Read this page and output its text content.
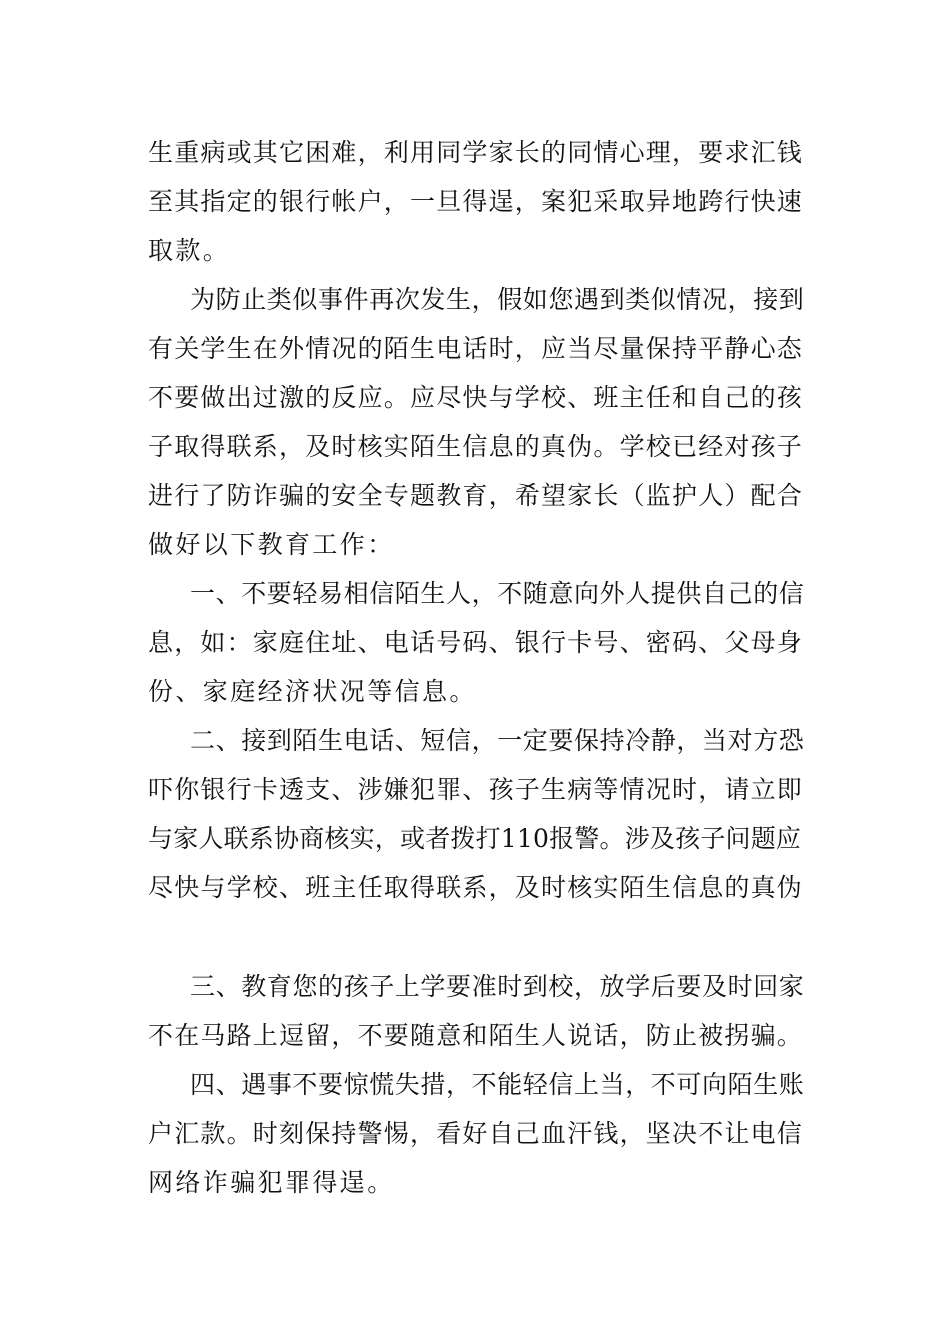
生重病或其它困难，利用同学家长的同情心理，要求汇钱
至其指定的银行帐户，一旦得逞，案犯采取异地跨行快速
取款。
为防止类似事件再次发生，假如您遇到类似情况，接到
有关学生在外情况的陌生电话时，应当尽量保持平静心态
不要做出过激的反应。应尽快与学校、班主任和自己的孩
子取得联系，及时核实陌生信息的真伪。学校已经对孩子
进行了防诈骗的安全专题教育，希望家长（监护人）配合
做好以下教育工作：
一、不要轻易相信陌生人，不随意向外人提供自己的信
息，如：家庭住址、电话号码、银行卡号、密码、父母身
份、家庭经济状况等信息。
二、接到陌生电话、短信，一定要保持冷静，当对方恐
吓你银行卡透支、涉嫌犯罪、孩子生病等情况时，请立即
与家人联系协商核实，或者拨打110报警。涉及孩子问题应
尽快与学校、班主任取得联系，及时核实陌生信息的真伪
三、教育您的孩子上学要准时到校，放学后要及时回家
不在马路上逗留，不要随意和陌生人说话，防止被拐骗。
四、遇事不要惊慌失措，不能轻信上当，不可向陌生账
户汇款。时刻保持警惕，看好自己血汗钱，坚决不让电信
网络诈骗犯罪得逞。
